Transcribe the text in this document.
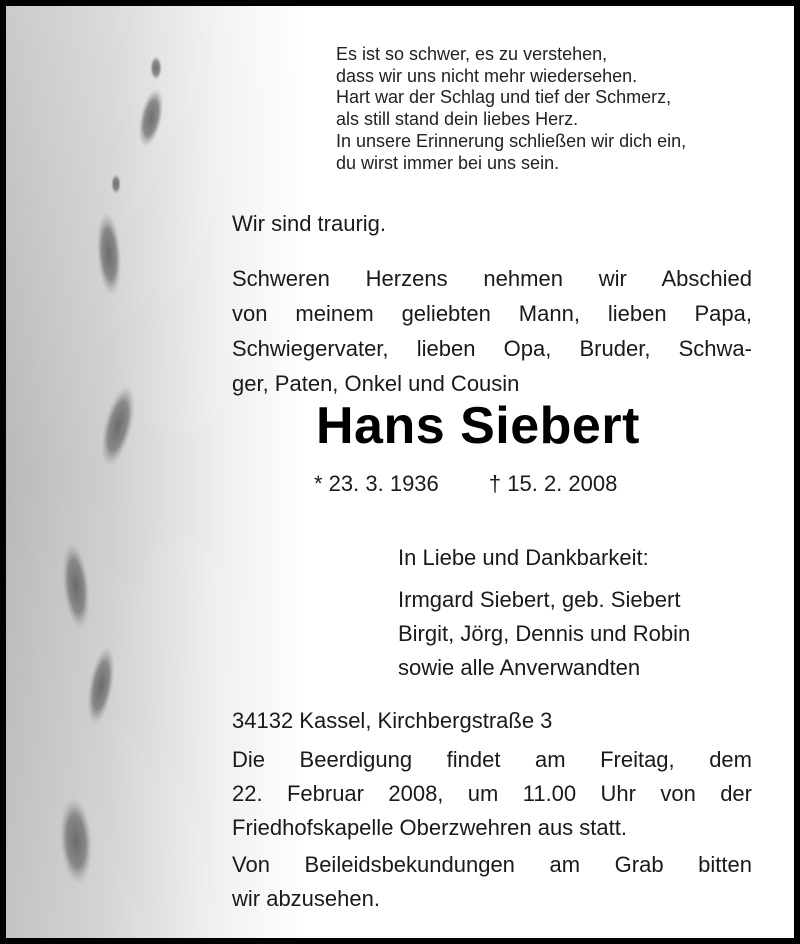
Es ist so schwer, es zu verstehen,
dass wir uns nicht mehr wiedersehen.
Hart war der Schlag und tief der Schmerz,
als still stand dein liebes Herz.
In unsere Erinnerung schließen wir dich ein,
du wirst immer bei uns sein.
Wir sind traurig.
Schweren Herzens nehmen wir Abschied
von meinem geliebten Mann, lieben Papa,
Schwiegervater, lieben Opa, Bruder, Schwa-
ger, Paten, Onkel und Cousin
Hans Siebert
* 23. 3. 1936 † 15. 2. 2008
In Liebe und Dankbarkeit:
Irmgard Siebert, geb. Siebert
Birgit, Jörg, Dennis und Robin
sowie alle Anverwandten
34132 Kassel, Kirchbergstraße 3
Die Beerdigung findet am Freitag, dem
22. Februar 2008, um 11.00 Uhr von der
Friedhofskapelle Oberzwehren aus statt.
Von Beileidsbekundungen am Grab bitten
wir abzusehen.
